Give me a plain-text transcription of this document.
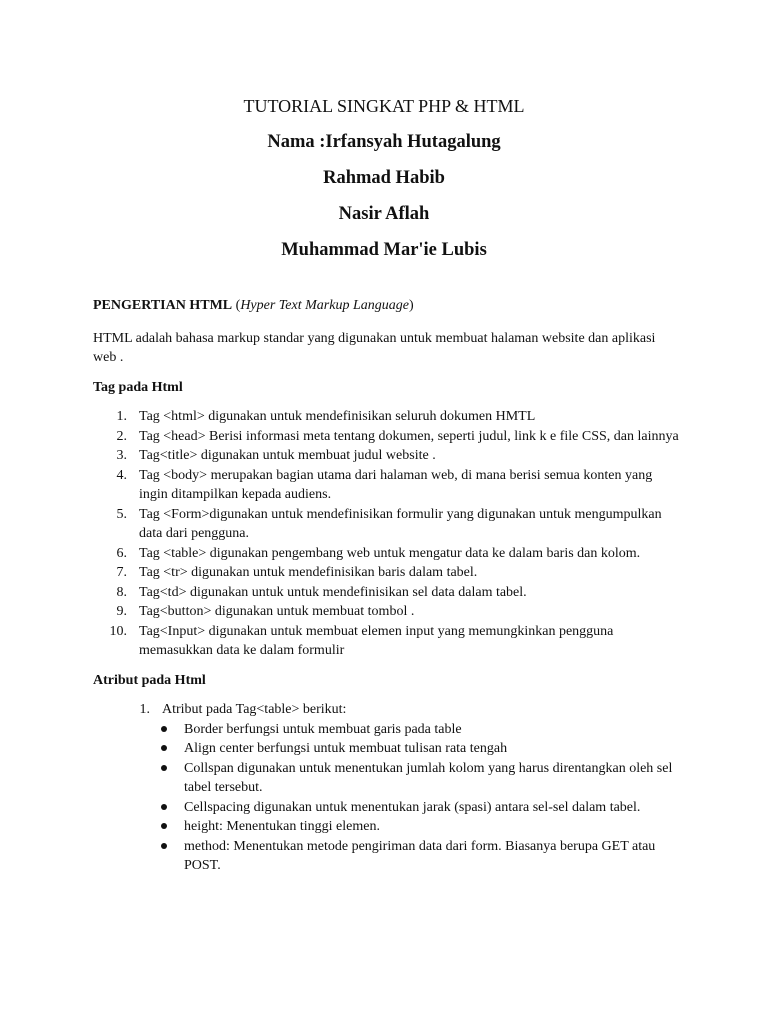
TUTORIAL SINGKAT PHP & HTML
Nama :Irfansyah Hutagalung
Rahmad Habib
Nasir Aflah
Muhammad Mar'ie Lubis

PENGERTIAN HTML (Hyper Text Markup Language)

HTML adalah bahasa markup standar yang digunakan untuk membuat halaman website dan aplikasi web .

Tag pada Html

1. Tag <html> digunakan untuk mendefinisikan seluruh dokumen HMTL
2. Tag <head> Berisi informasi meta tentang dokumen, seperti judul, link k e file CSS, dan lainnya
3. Tag<title> digunakan untuk membuat judul website .
4. Tag <body> merupakan bagian utama dari halaman web, di mana berisi semua konten yang ingin ditampilkan kepada audiens.
5. Tag <Form>digunakan untuk mendefinisikan formulir yang digunakan untuk mengumpulkan data dari pengguna.
6. Tag <table> digunakan pengembang web untuk mengatur data ke dalam baris dan kolom.
7. Tag <tr> digunakan untuk mendefinisikan baris dalam tabel.
8. Tag<td> digunakan untuk untuk mendefinisikan sel data dalam tabel.
9. Tag<button> digunakan untuk membuat tombol .
10. Tag<Input> digunakan untuk membuat elemen input yang memungkinkan pengguna memasukkan data ke dalam formulir

Atribut pada Html

1. Atribut pada Tag<table> berikut:
Border berfungsi untuk membuat garis pada table
Align center berfungsi untuk membuat tulisan rata tengah
Collspan digunakan untuk menentukan jumlah kolom yang harus direntangkan oleh sel tabel tersebut.
Cellspacing digunakan untuk menentukan jarak (spasi) antara sel-sel dalam tabel.
height: Menentukan tinggi elemen.
method: Menentukan metode pengiriman data dari form. Biasanya berupa GET atau POST.
